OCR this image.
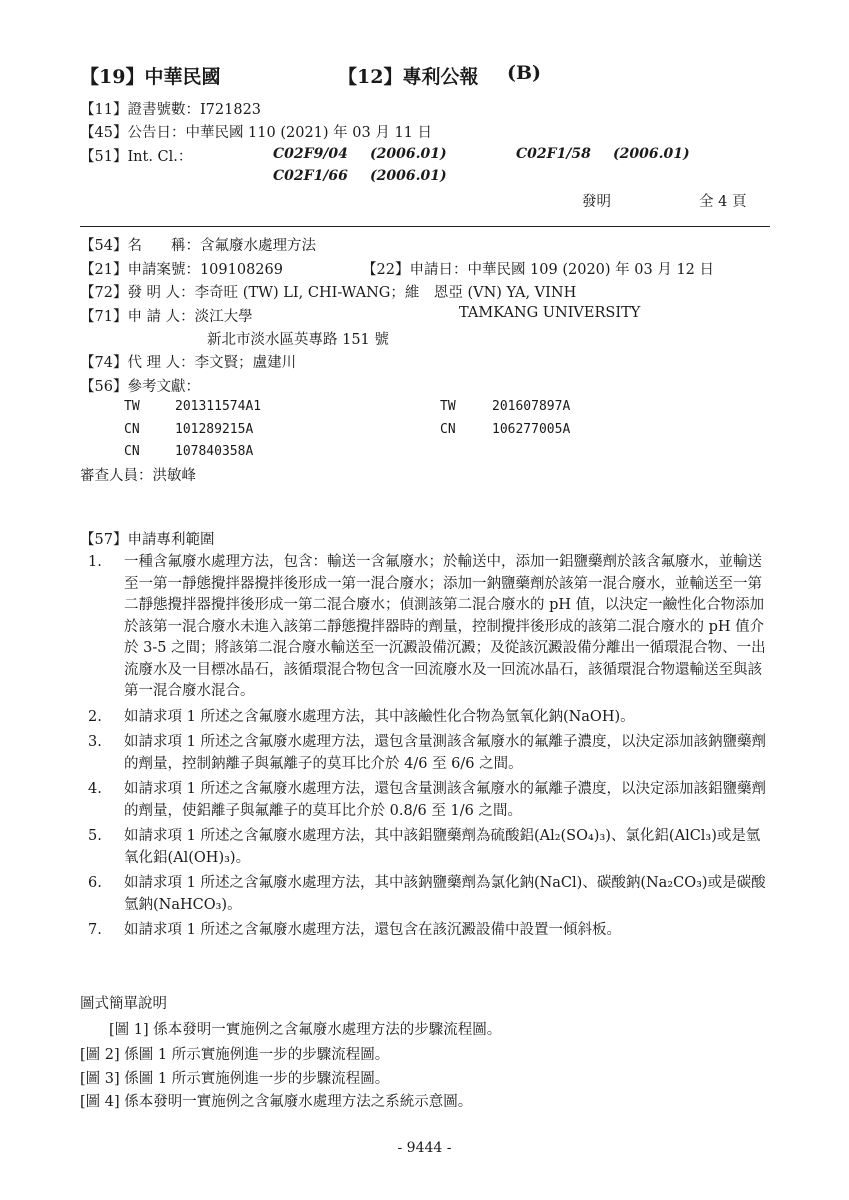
【19】中華民國	【12】專利公報 (B)
【11】證書號數：I721823
【45】公告日：中華民國 110 (2021) 年 03 月 11 日
【51】Int. Cl.：	C02F9/04 (2006.01)	C02F1/58 (2006.01)
C02F1/66 (2006.01)
發明	全 4 頁
【54】名　　稱：含氟廢水處理方法
【21】申請案號：109108269	【22】申請日：中華民國 109 (2020) 年 03 月 12 日
【72】發 明 人：李奇旺 (TW) LI, CHI-WANG；維　恩亞 (VN) YA, VINH
【71】申 請 人：淡江大學	TAMKANG UNIVERSITY
新北市淡水區英專路 151 號
【74】代 理 人：李文賢；盧建川
【56】參考文獻：
TW	201311574A1	TW	201607897A
CN	101289215A	CN	106277005A
CN	107840358A
審查人員：洪敏峰
【57】申請專利範圍
1.	一種含氟廢水處理方法，包含：輸送一含氟廢水；於輸送中，添加一鋁鹽藥劑於該含氟廢水，並輸送至一第一靜態攪拌器攪拌後形成一第一混合廢水；添加一鈉鹽藥劑於該第一混合廢水，並輸送至一第二靜態攪拌器攪拌後形成一第二混合廢水；偵測該第二混合廢水的 pH 值，以決定一鹼性化合物添加於該第一混合廢水未進入該第二靜態攪拌器時的劑量，控制攪拌後形成的該第二混合廢水的 pH 值介於 3-5 之間；將該第二混合廢水輸送至一沉澱設備沉澱；及從該沉澱設備分離出一循環混合物、一出流廢水及一目標冰晶石，該循環混合物包含一回流廢水及一回流冰晶石，該循環混合物還輸送至與該第一混合廢水混合。
2.	如請求項 1 所述之含氟廢水處理方法，其中該鹼性化合物為氫氧化鈉(NaOH)。
3.	如請求項 1 所述之含氟廢水處理方法，還包含量測該含氟廢水的氟離子濃度，以決定添加該鈉鹽藥劑的劑量，控制鈉離子與氟離子的莫耳比介於 4/6 至 6/6 之間。
4.	如請求項 1 所述之含氟廢水處理方法，還包含量測該含氟廢水的氟離子濃度，以決定添加該鋁鹽藥劑的劑量，使鋁離子與氟離子的莫耳比介於 0.8/6 至 1/6 之間。
5.	如請求項 1 所述之含氟廢水處理方法，其中該鋁鹽藥劑為硫酸鋁(Al₂(SO₄)₃)、氯化鋁(AlCl₃)或是氫氧化鋁(Al(OH)₃)。
6.	如請求項 1 所述之含氟廢水處理方法，其中該鈉鹽藥劑為氯化鈉(NaCl)、碳酸鈉(Na₂CO₃)或是碳酸氫鈉(NaHCO₃)。
7.	如請求項 1 所述之含氟廢水處理方法，還包含在該沉澱設備中設置一傾斜板。
圖式簡單說明
[圖 1] 係本發明一實施例之含氟廢水處理方法的步驟流程圖。
[圖 2] 係圖 1 所示實施例進一步的步驟流程圖。
[圖 3] 係圖 1 所示實施例進一步的步驟流程圖。
[圖 4] 係本發明一實施例之含氟廢水處理方法之系統示意圖。
- 9444 -
